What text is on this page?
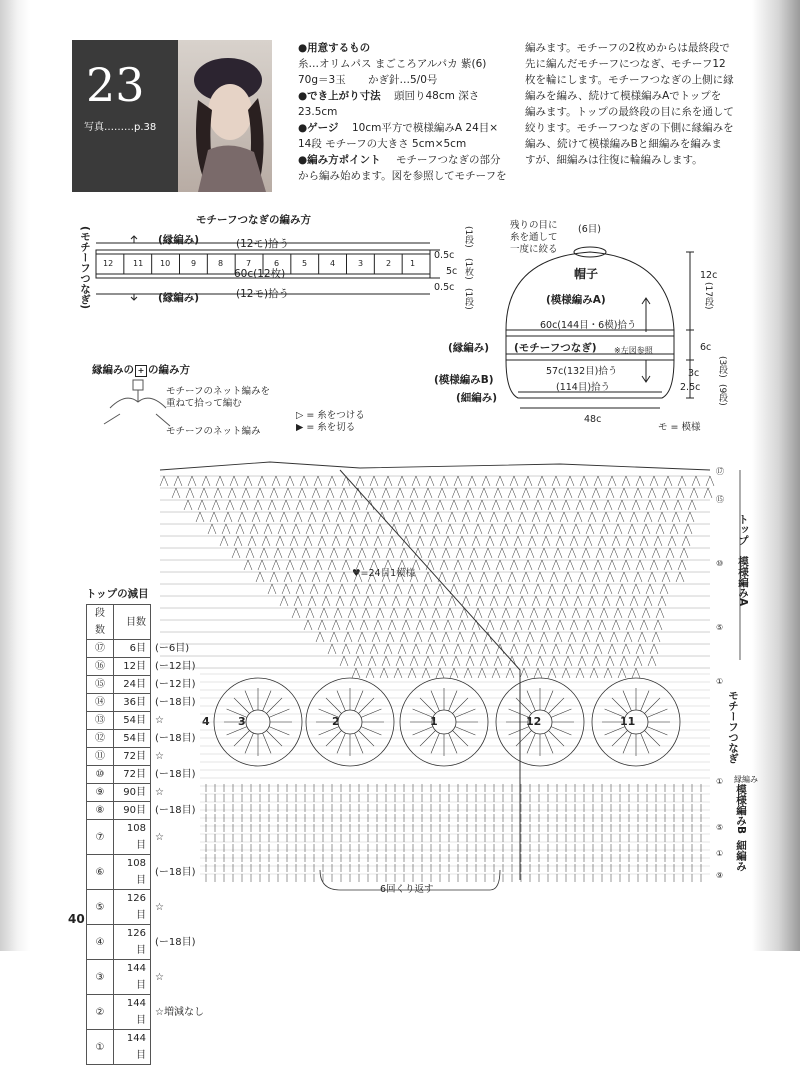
23
写真………p.38
●用意するもの
糸…オリムパス まごころアルパカ 紫(6)
70g＝3玉 かぎ針…5/0号
●でき上がり寸法 頭回り48cm 深さ
23.5cm
●ゲージ 10cm平方で模様編みA 24目×
14段 モチーフの大きさ 5cm×5cm
●編み方ポイント モチーフつなぎの部分
から編み始めます。図を参照してモチーフを
編みます。モチーフの2枚めからは最終段で
先に編んだモチーフにつなぎ、モチーフ12
枚を輪にします。モチーフつなぎの上側に縁
編みを編み、続けて模様編みAでトップを
編みます。トップの最終段の目に糸を通して
絞ります。モチーフつなぎの下側に縁編みを
編み、続けて模様編みBと細編みを編みま
すが、細編みは往復に輪編みします。
モチーフつなぎの編み方
(縁編み)	(12モ)拾う
60c(12枚)
(縁編み)	(12モ)拾う
(モチーフつなぎ)	0.5c
5c
0.5c
(1段)
(1枚)
(1段)
12 11 10	9	8	7	6	5	4	3	2 1
残りの目に
糸を通して
一度に絞る
(6目)
帽子
(模様編みA)
60c(144目・6模)拾う
(モチーフつなぎ) ※左図参照
(縁編み)
(模様編みB)
(細編み)
57c(132目)拾う
(114目)拾う
48c
モ = 模様
12c
(17段)
6c
3c
2.5c
(3段)
(9段)
縁編みの + の編み方
モチーフのネット編みを
重ねて拾って編む
モチーフのネット編み
▷ = 糸をつける
▶ = 糸を切る
♥=24目1模様
4	3	2	1	12	11
6回くり返す
⑰
⑮
⑩
⑤
①
①
⑤
①
⑨
トップ
模様編みA
モチーフつなぎ
縁編み
模様編みB
細編み
トップの減目
段数	目数	
⑰	6目	(ー6目)
⑯	12目	(ー12目)
⑮	24目	(ー12目)
⑭	36目	(ー18目)
⑬	54目	☆
⑫	54目	(ー18目)
⑪	72目	☆
⑩	72目	(ー18目)
⑨	90目	☆
⑧	90目	(ー18目)
⑦	108目	☆
⑥	108目	(ー18目)
⑤	126目	☆
④	126目	(ー18目)
③	144目	☆
②	144目	☆増減なし
①	144目	
40
